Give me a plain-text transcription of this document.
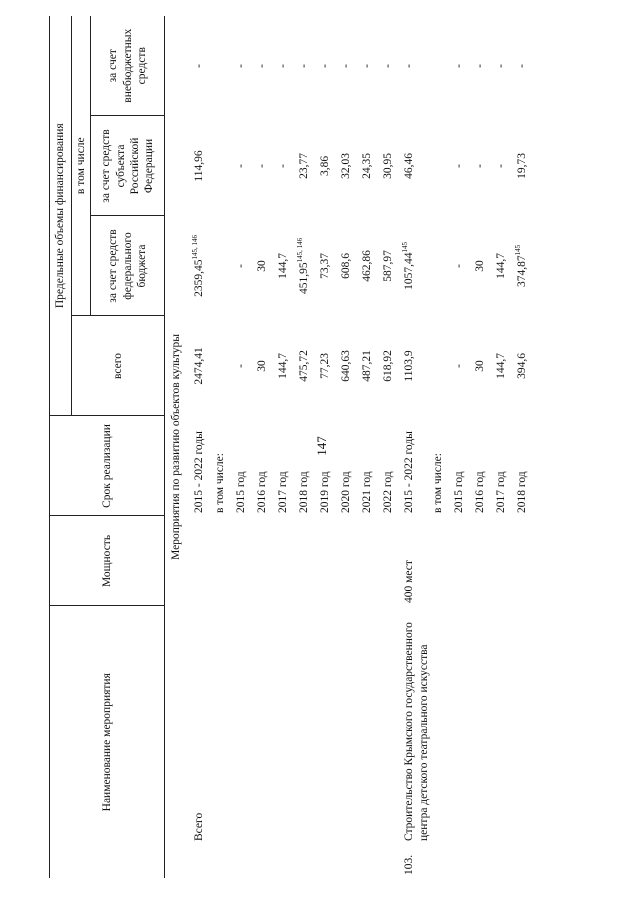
147
Наименование мероприятия		Мощность	Срок реализации	Предельные объемы финансирования			
				всего	в том числе		
					за счет средств федерального бюджета	за счет средств субъекта Российской Федерации	за счет внебюджетных средств
Мероприятия по развитию объектов культуры							
	Всего		2015 - 2022 годы	2474,41	2359,45$^{145, 146}$	114,96	-
			в том числе:				
			2015 год	-	-	-	-
			2016 год	30	30	-	-
			2017 год	144,7	144,7	-	-
			2018 год	475,72	451,95$^{145, 146}$	23,77	-
			2019 год	77,23	73,37	3,86	-
			2020 год	640,63	608,6	32,03	-
			2021 год	487,21	462,86	24,35	-
			2022 год	618,92	587,97	30,95	-
103.	Строительство Крымского государственного центра детского театрального искусства	400 мест	2015 - 2022 годы	1103,9	1057,44$^{145}$	46,46	-
			в том числе:				
			2015 год	-	-	-	-
			2016 год	30	30	-	-
			2017 год	144,7	144,7	-	-
			2018 год	394,6	374,87$^{145}$	19,73	-
